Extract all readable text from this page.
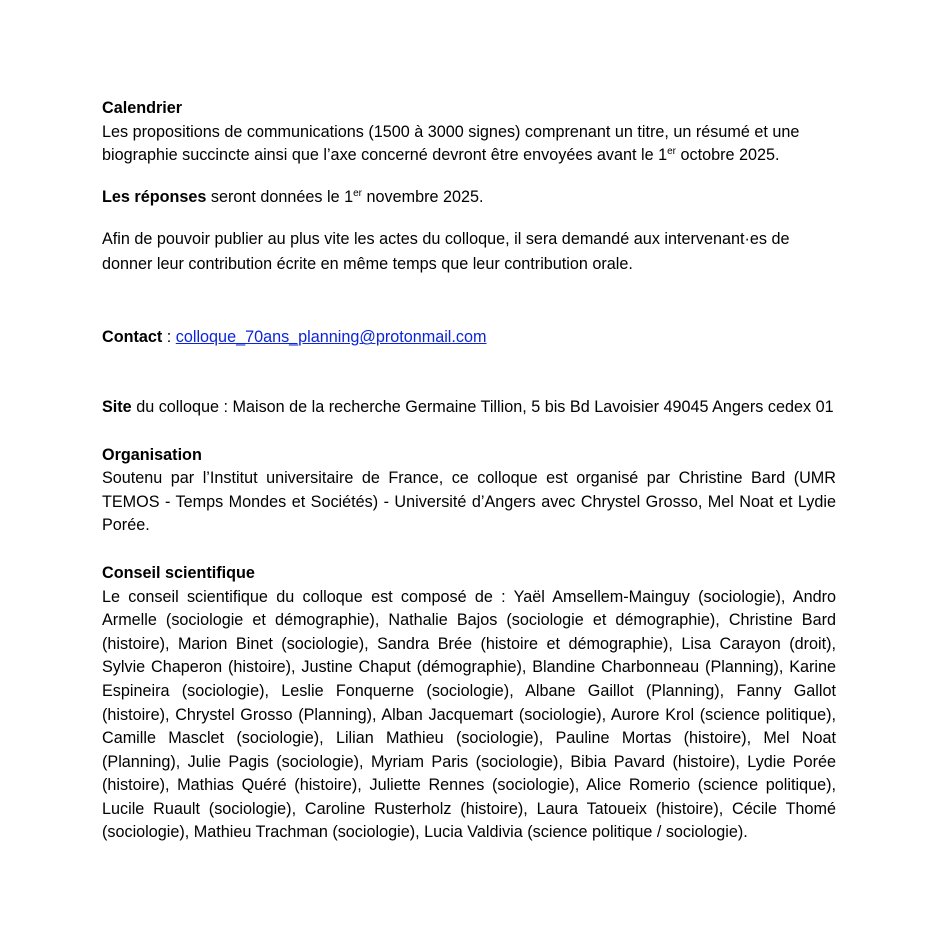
Calendrier
Les propositions de communications (1500 à 3000 signes) comprenant un titre, un résumé et une biographie succincte ainsi que l’axe concerné devront être envoyées avant le 1er octobre 2025.

Les réponses seront données le 1er novembre 2025.

Afin de pouvoir publier au plus vite les actes du colloque, il sera demandé aux intervenant·es de donner leur contribution écrite en même temps que leur contribution orale.

Contact : colloque_70ans_planning@protonmail.com

Site du colloque : Maison de la recherche Germaine Tillion, 5 bis Bd Lavoisier 49045 Angers cedex 01

Organisation
Soutenu par l’Institut universitaire de France, ce colloque est organisé par Christine Bard (UMR TEMOS - Temps Mondes et Sociétés) - Université d’Angers avec Chrystel Grosso, Mel Noat et Lydie Porée.

Conseil scientifique
Le conseil scientifique du colloque est composé de : Yaël Amsellem-Mainguy (sociologie), Andro Armelle (sociologie et démographie), Nathalie Bajos (sociologie et démographie), Christine Bard (histoire), Marion Binet (sociologie), Sandra Brée (histoire et démographie), Lisa Carayon (droit), Sylvie Chaperon (histoire), Justine Chaput (démographie), Blandine Charbonneau (Planning), Karine Espineira (sociologie), Leslie Fonquerne (sociologie), Albane Gaillot (Planning), Fanny Gallot (histoire), Chrystel Grosso (Planning), Alban Jacquemart (sociologie), Aurore Krol (science politique), Camille Masclet (sociologie), Lilian Mathieu (sociologie), Pauline Mortas (histoire), Mel Noat (Planning), Julie Pagis (sociologie), Myriam Paris (sociologie), Bibia Pavard (histoire), Lydie Porée (histoire), Mathias Quéré (histoire), Juliette Rennes (sociologie), Alice Romerio (science politique), Lucile Ruault (sociologie), Caroline Rusterholz (histoire), Laura Tatoueix (histoire), Cécile Thomé (sociologie), Mathieu Trachman (sociologie), Lucia Valdivia (science politique / sociologie).
